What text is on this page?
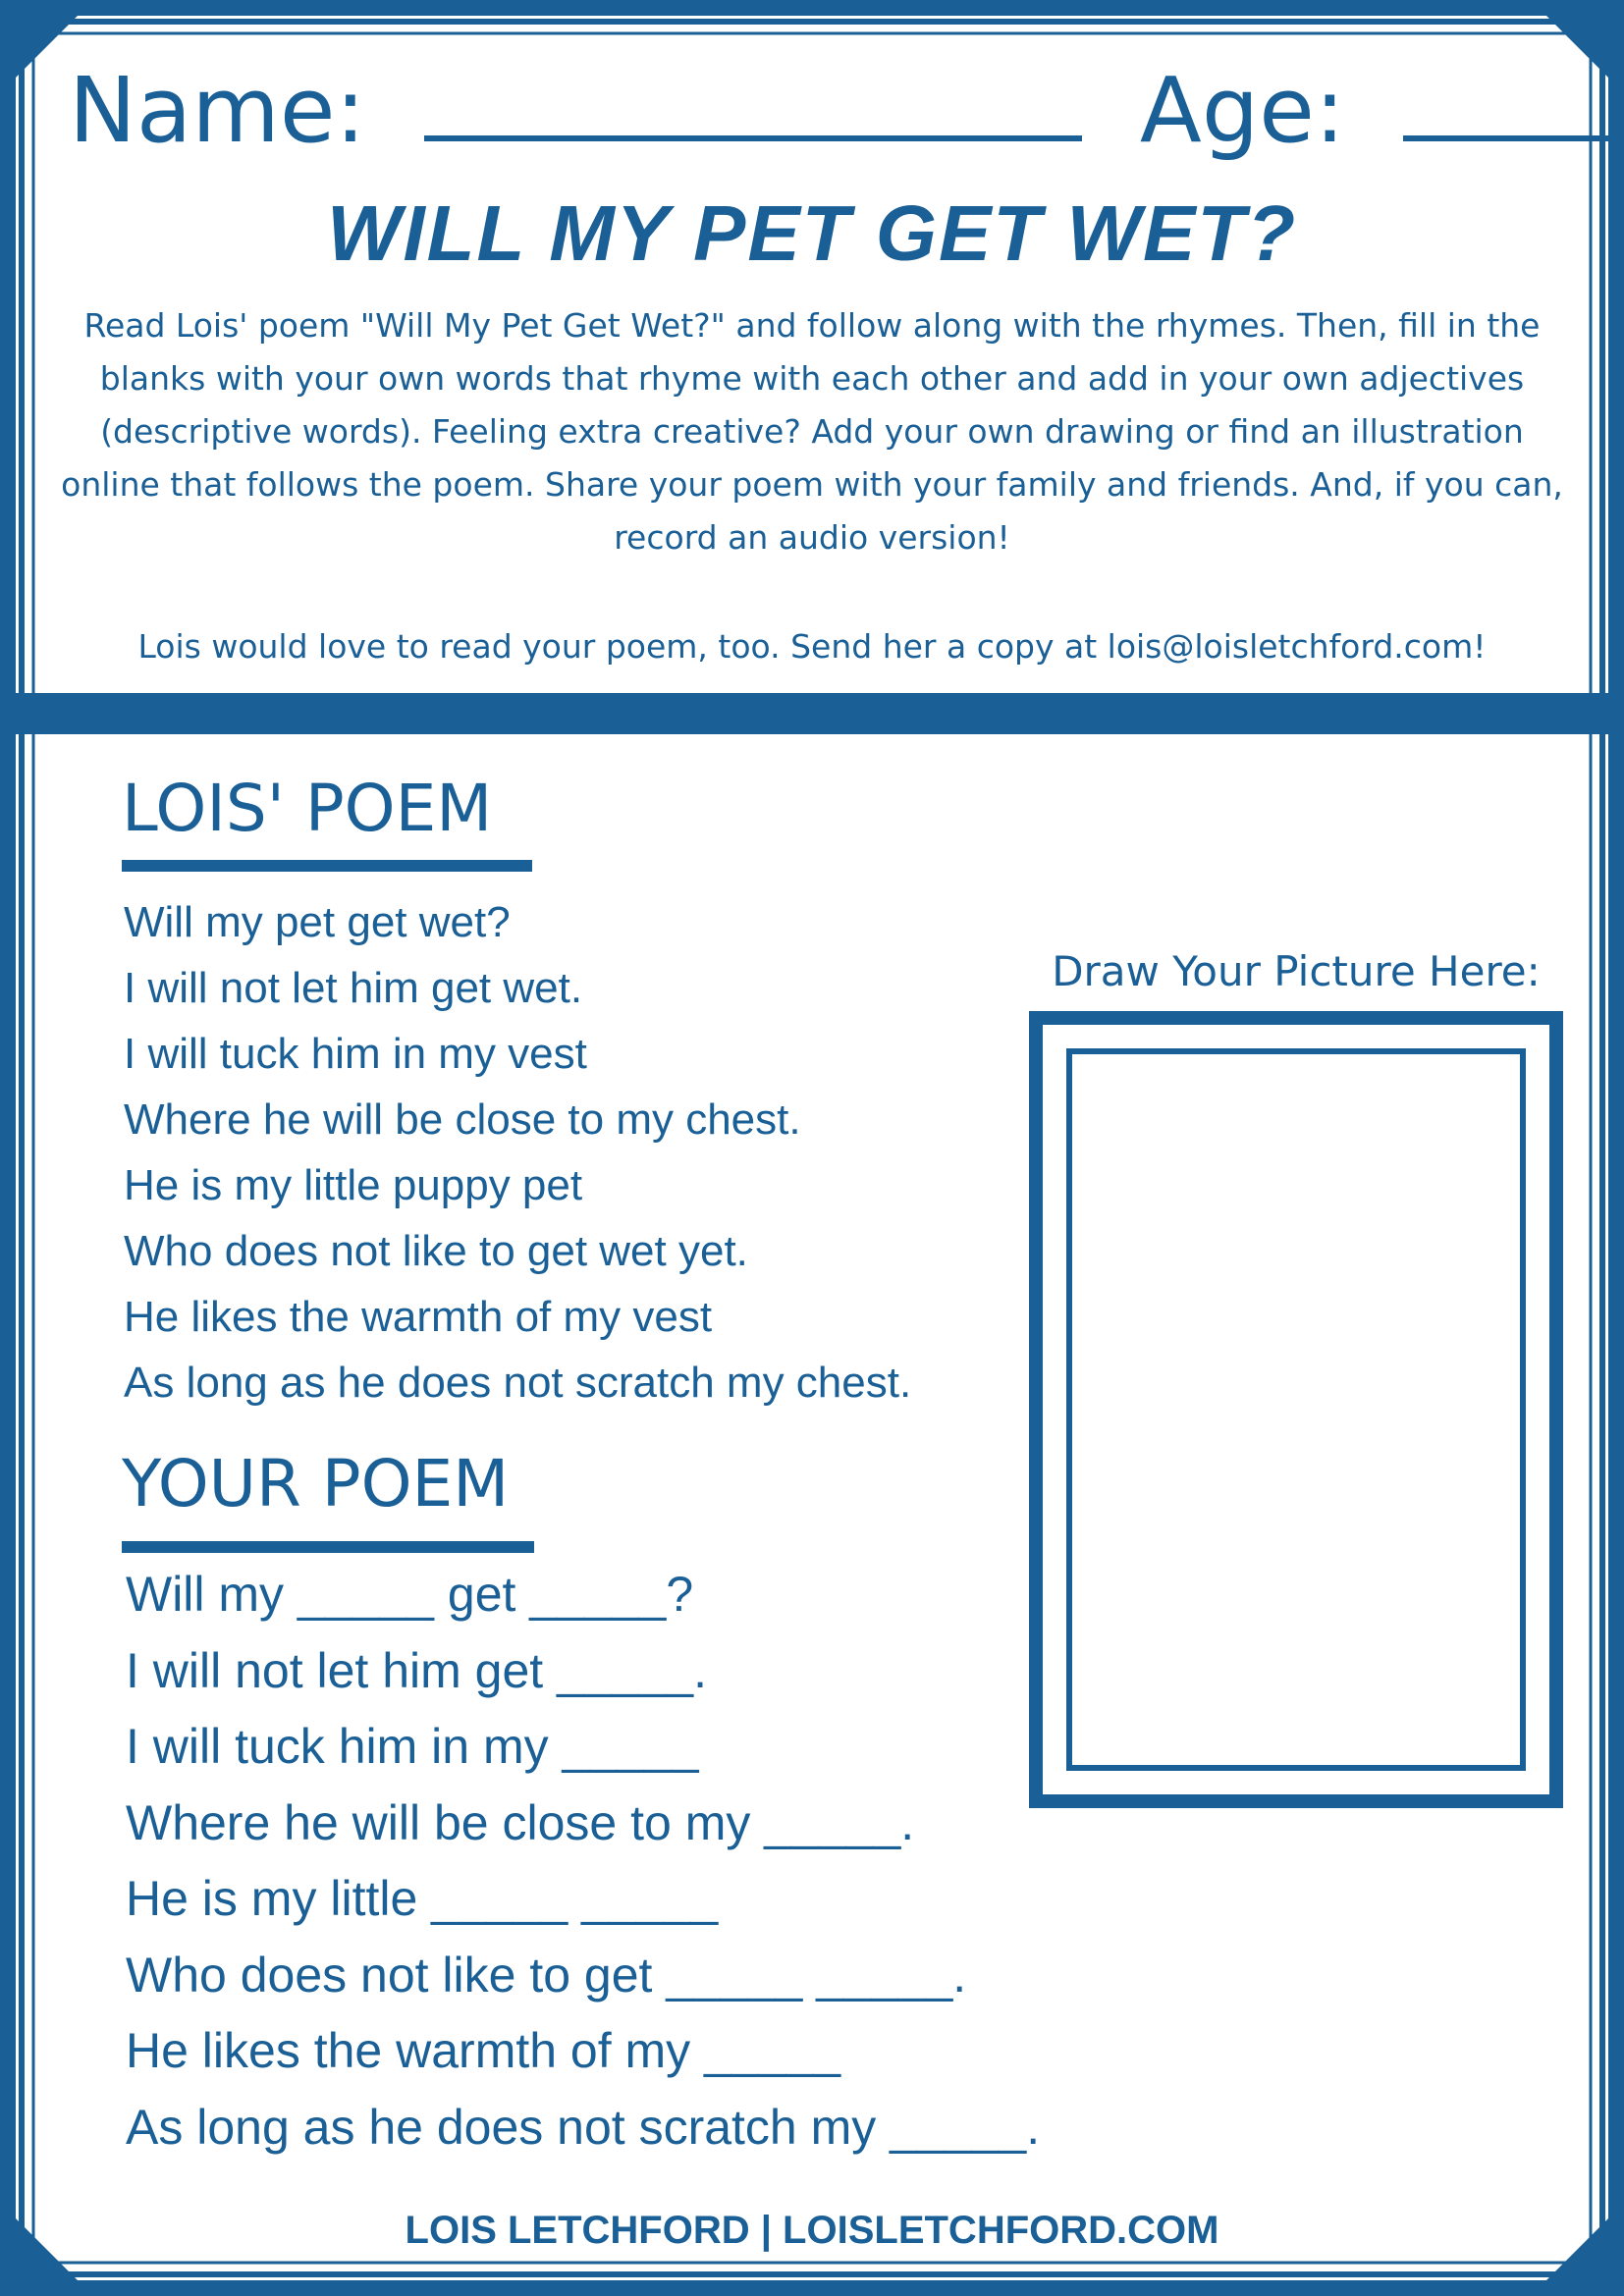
Name:	Age:
WILL MY PET GET WET?
Read Lois' poem "Will My Pet Get Wet?" and follow along with the rhymes. Then, fill in the blanks with your own words that rhyme with each other and add in your own adjectives (descriptive words). Feeling extra creative? Add your own drawing or find an illustration online that follows the poem. Share your poem with your family and friends. And, if you can, record an audio version!
Lois would love to read your poem, too. Send her a copy at lois@loisletchford.com!
LOIS' POEM
Will my pet get wet?
I will not let him get wet.
I will tuck him in my vest
Where he will be close to my chest.
He is my little puppy pet
Who does not like to get wet yet.
He likes the warmth of my vest
As long as he does not scratch my chest.
YOUR POEM
Will my _____ get _____?
I will not let him get _____.
I will tuck him in my _____
Where he will be close to my _____.
He is my little _____ _____
Who does not like to get _____ _____.
He likes the warmth of my _____
As long as he does not scratch my _____.
Draw Your Picture Here:
LOIS LETCHFORD | LOISLETCHFORD.COM
